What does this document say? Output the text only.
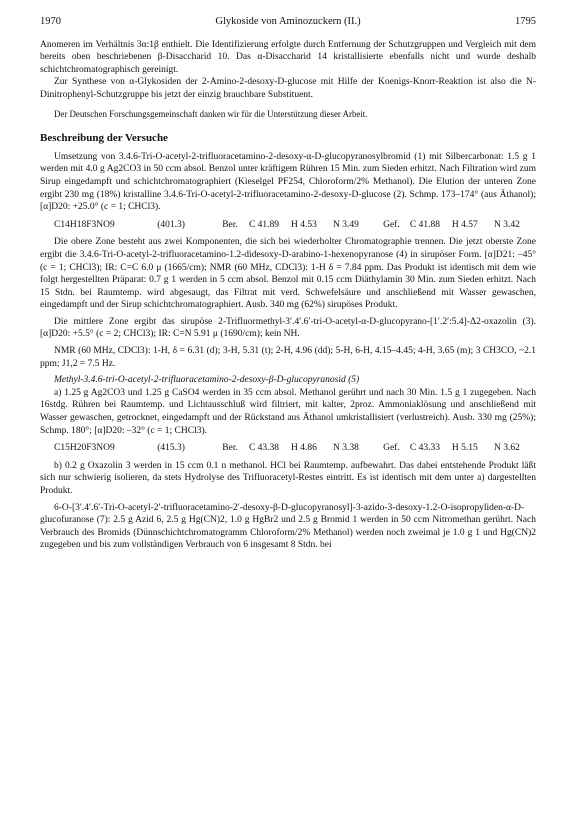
1970	Glykoside von Aminozuckern (II.)	1795

Anomeren im Verhältnis 3α:1β enthielt. Die Identifizierung erfolgte durch Entfernung der Schutzgruppen und Vergleich mit dem bereits oben beschriebenen β-Disaccharid 10. Das α-Disaccharid 14 kristallisierte ebenfalls nicht und wurde deshalb schichtchromatographisch gereinigt.

Zur Synthese von α-Glykosiden der 2-Amino-2-desoxy-D-glucose mit Hilfe der Koenigs-Knorr-Reaktion ist also die N-Dinitrophenyl-Schutzgruppe bis jetzt der einzig brauchbare Substituent.

Der Deutschen Forschungsgemeinschaft danken wir für die Unterstützung dieser Arbeit.

Beschreibung der Versuche

Umsetzung von 3.4.6-Tri-O-acetyl-2-trifluoracetamino-2-desoxy-α-D-glucopyranosylbromid (1) mit Silbercarbonat: 1.5 g 1 werden mit 4.0 g Ag2CO3 in 50 ccm absol. Benzol unter kräftigem Rühren 15 Min. zum Sieden erhitzt. Nach Filtration wird zum Sirup eingedampft und schichtchromatographiert (Kieselgel PF254, Chloroform/2% Methanol). Die Elution der unteren Zone ergibt 230 mg (18%) kristalline 3.4.6-Tri-O-acetyl-2-trifluoracetamino-2-desoxy-D-glucose (2). Schmp. 173–174° (aus Äthanol); [α]D20: +25.0° (c = 1; CHCl3).

C14H18F3NO9	(401.3)	Ber.	C 41.89	H 4.53	N 3.49	Gef.	C 41.88	H 4.57	N 3.42

Die obere Zone besteht aus zwei Komponenten, die sich bei wiederholter Chromatographie trennen. Die jetzt oberste Zone ergibt die 3.4.6-Tri-O-acetyl-2-trifluoracetamino-1.2-didesoxy-D-arabino-1-hexenopyranose (4) in sirupöser Form. [α]D21: –45° (c = 1; CHCl3); IR: C=C 6.0 μ (1665/cm); NMR (60 MHz, CDCl3): 1-H δ = 7.84 ppm. Das Produkt ist identisch mit dem wie folgt hergestellten Präparat: 0.7 g 1 werden in 5 ccm absol. Benzol mit 0.15 ccm Diäthylamin 30 Min. zum Sieden erhitzt. Nach 15 Stdn. bei Raumtemp. wird abgesaugt, das Filtrat mit verd. Schwefelsäure und anschließend mit Wasser gewaschen, eingedampft und der Sirup schichtchromatographiert. Ausb. 340 mg (62%) sirupöses Produkt.

Die mittlere Zone ergibt das sirupöse 2-Trifluormethyl-3′.4′.6′-tri-O-acetyl-α-D-glucopyrano-[1′.2′:5.4]-Δ2-oxazolin (3). [α]D20: +5.5° (c = 2; CHCl3); IR: C=N 5.91 μ (1690/cm); kein NH.

NMR (60 MHz, CDCl3): 1-H, δ = 6.31 (d); 3-H, 5.31 (t); 2-H, 4.96 (dd); 5-H, 6-H, 4.15–4.45; 4-H, 3.65 (m); 3 CH3CO, ~2.1 ppm; J1,2 = 7.5 Hz.

Methyl-3.4.6-tri-O-acetyl-2-trifluoracetamino-2-desoxy-β-D-glucopyranosid (5)

a) 1.25 g Ag2CO3 und 1.25 g CaSO4 werden in 35 ccm absol. Methanol gerührt und nach 30 Min. 1.5 g 1 zugegeben. Nach 16stdg. Rühren bei Raumtemp. und Lichtausschluß wird filtriert, mit kalter, 2proz. Ammoniaklösung und anschließend mit Wasser gewaschen, getrocknet, eingedampft und der Rückstand aus Äthanol umkristallisiert (verlustreich). Ausb. 330 mg (25%); Schmp. 180°; [α]D20: –32° (c = 1; CHCl3).

C15H20F3NO9	(415.3)	Ber.	C 43.38	H 4.86	N 3.38	Gef.	C 43.33	H 5.15	N 3.62

b) 0.2 g Oxazolin 3 werden in 15 ccm 0.1 n methanol. HCl bei Raumtemp. aufbewahrt. Das dabei entstehende Produkt läßt sich nur schwierig isolieren, da stets Hydrolyse des Trifluoracetyl-Restes eintritt. Es ist identisch mit dem unter a) dargestellten Produkt.

6-O-[3′.4′.6′-Tri-O-acetyl-2′-trifluoracetamino-2′-desoxy-β-D-glucopyranosyl]-3-azido-3-desoxy-1.2-O-isopropyliden-α-D-glucofuranose (7): 2.5 g Azid 6, 2.5 g Hg(CN)2, 1.0 g HgBr2 und 2.5 g Bromid 1 werden in 50 ccm Nitromethan gerührt. Nach Verbrauch des Bromids (Dünnschichtchromatogramm Chloroform/2% Methanol) werden noch zweimal je 1.0 g 1 und Hg(CN)2 zugegeben und bis zum vollständigen Verbrauch von 6 insgesamt 8 Stdn. bei
